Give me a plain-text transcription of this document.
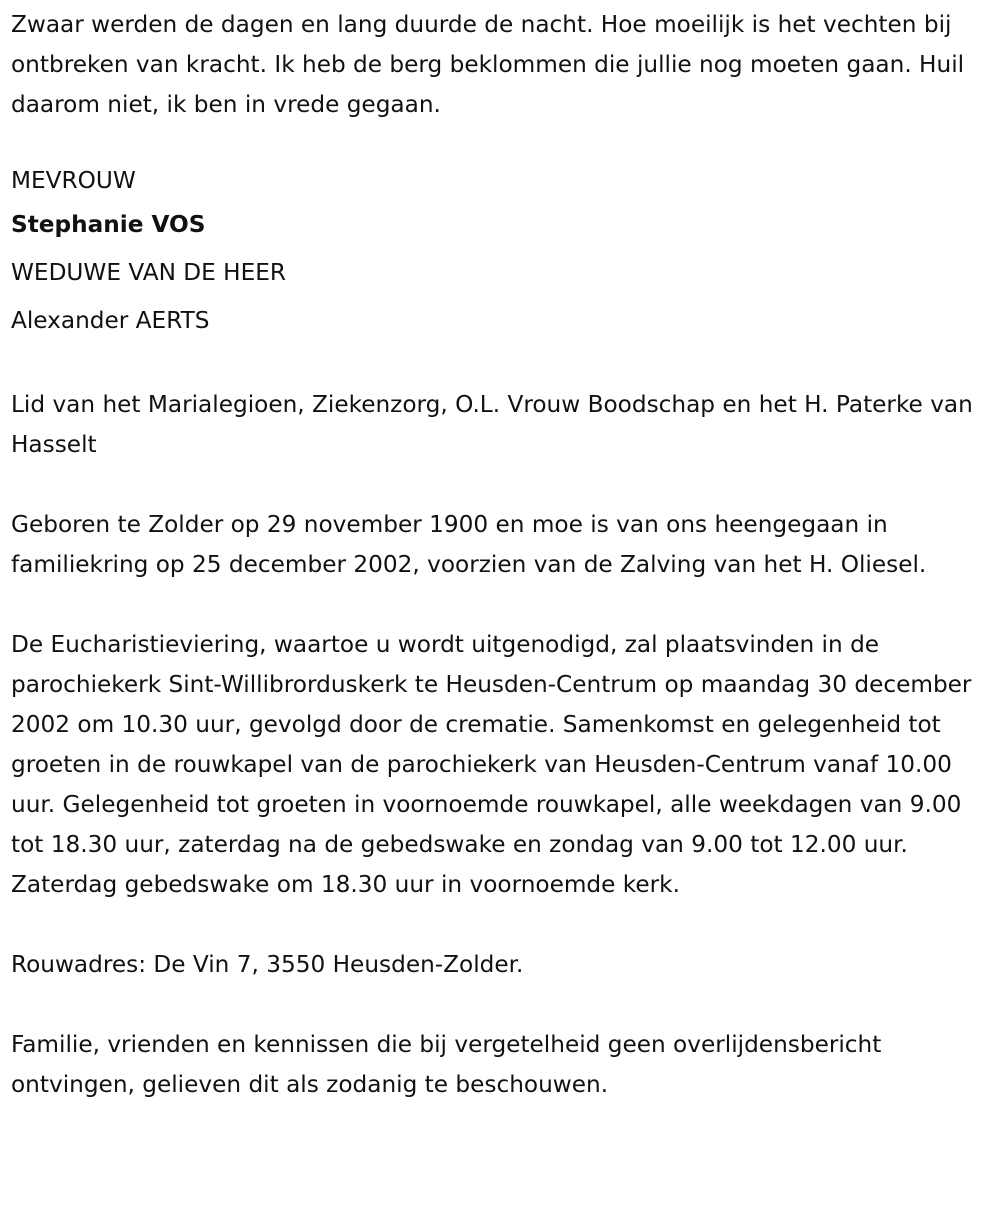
Zwaar werden de dagen en lang duurde de nacht. Hoe moeilijk is het vechten bij ontbreken van kracht. Ik heb de berg beklommen die jullie nog moeten gaan. Huil daarom niet, ik ben in vrede gegaan.

MEVROUW

Stephanie VOS

WEDUWE VAN DE HEER

Alexander AERTS

Lid van het Marialegioen, Ziekenzorg, O.L. Vrouw Boodschap en het H. Paterke van Hasselt

Geboren te Zolder op 29 november 1900 en moe is van ons heengegaan in familiekring op 25 december 2002, voorzien van de Zalving van het H. Oliesel.

De Eucharistieviering, waartoe u wordt uitgenodigd, zal plaatsvinden in de parochiekerk Sint-Willibrorduskerk te Heusden-Centrum op maandag 30 december 2002 om 10.30 uur, gevolgd door de crematie. Samenkomst en gelegenheid tot groeten in de rouwkapel van de parochiekerk van Heusden-Centrum vanaf 10.00 uur. Gelegenheid tot groeten in voornoemde rouwkapel, alle weekdagen van 9.00 tot 18.30 uur, zaterdag na de gebedswake en zondag van 9.00 tot 12.00 uur. Zaterdag gebedswake om 18.30 uur in voornoemde kerk.

Rouwadres: De Vin 7, 3550 Heusden-Zolder.

Familie, vrienden en kennissen die bij vergetelheid geen overlijdensbericht ontvingen, gelieven dit als zodanig te beschouwen.
